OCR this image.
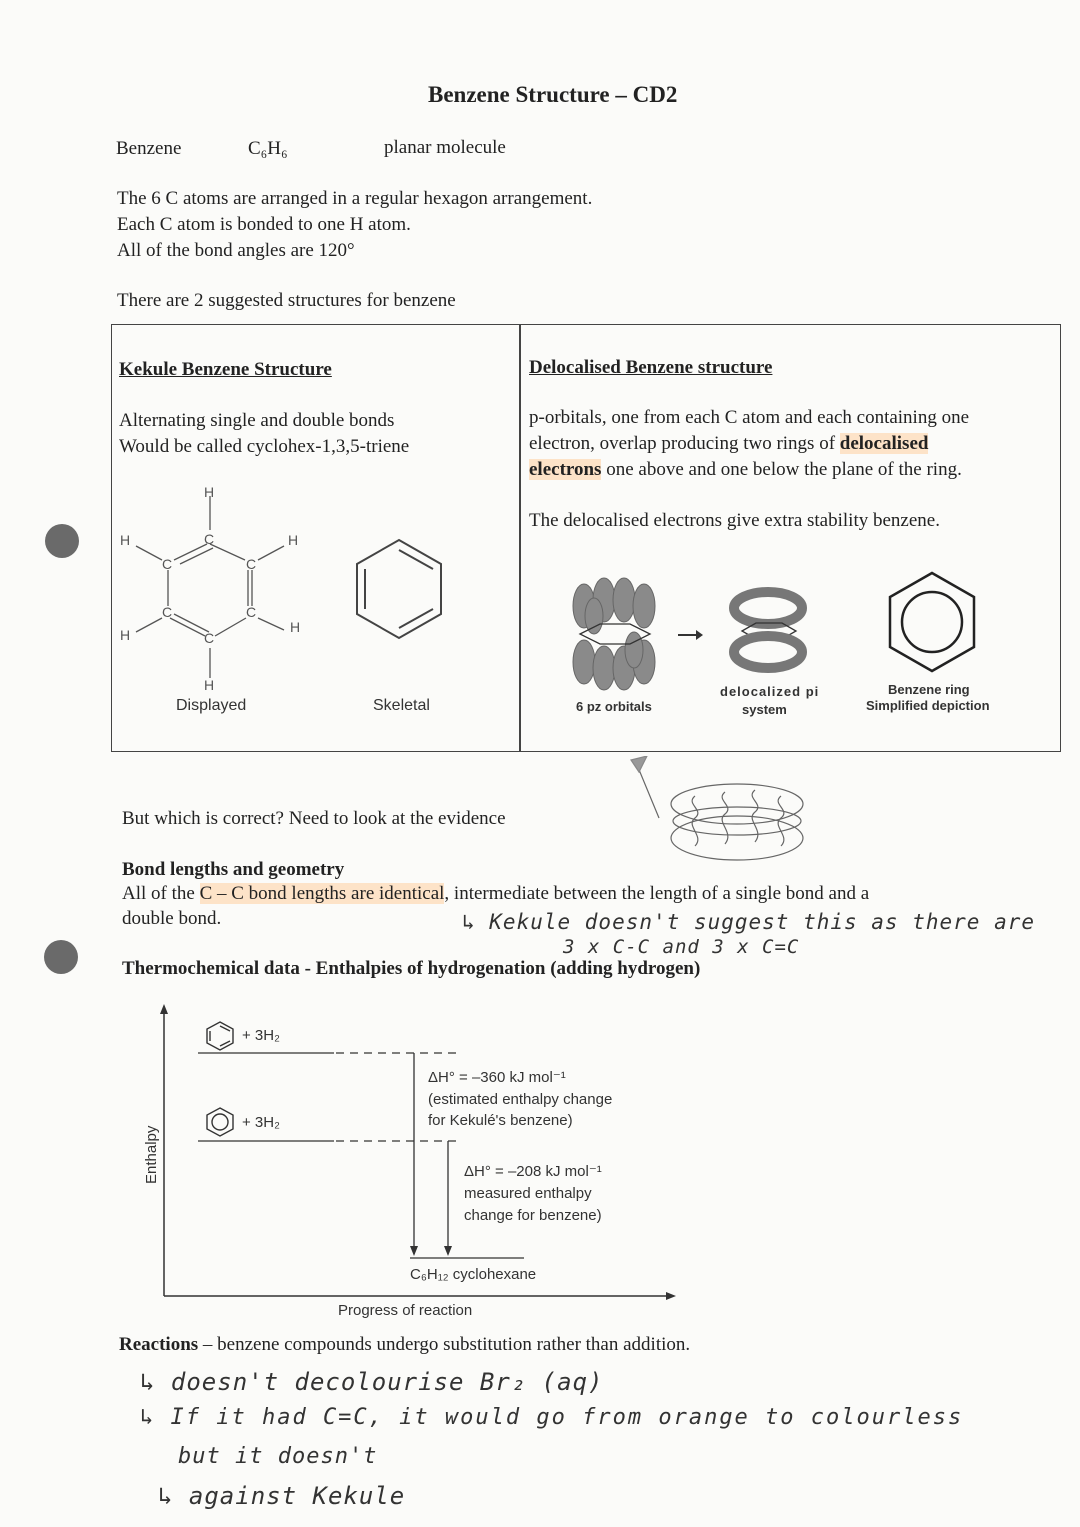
Benzene Structure – CD2
Benzene	C₆H₆	planar molecule
The 6 C atoms are arranged in a regular hexagon arrangement.
Each C atom is bonded to one H atom.
All of the bond angles are 120°
There are 2 suggested structures for benzene
Kekule Benzene Structure
Alternating single and double bonds
Would be called cyclohex-1,3,5-triene
H
C
C
C
C
C
C
H	H
H	H
H
Displayed	Skeletal
Delocalised Benzene structure
p-orbitals, one from each C atom and each containing one
electron, overlap producing two rings of delocalised
electrons one above and one below the plane of the ring.
The delocalised electrons give extra stability benzene.
6 pz orbitals
delocalized pi
system
Benzene ring
Simplified depiction
But which is correct? Need to look at the evidence
Bond lengths and geometry
All of the C – C bond lengths are identical, intermediate between the length of a single bond and a
double bond.	↳ Kekule doesn't suggest this as there are
3 x C-C and 3 x C=C
Thermochemical data - Enthalpies of hydrogenation (adding hydrogen)
+ 3H₂
+ 3H₂
C₆H₁₂ cyclohexane
ΔH° = –360 kJ mol⁻¹
(estimated enthalpy change
for Kekulé's benzene)
ΔH° = –208 kJ mol⁻¹
measured enthalpy
change for benzene)
Progress of reaction
Enthalpy
Reactions – benzene compounds undergo substitution rather than addition.
↳ doesn't decolourise Br₂ (aq)
↳ If it had C=C, it would go from orange to colourless
but it doesn't
↳ against Kekule
